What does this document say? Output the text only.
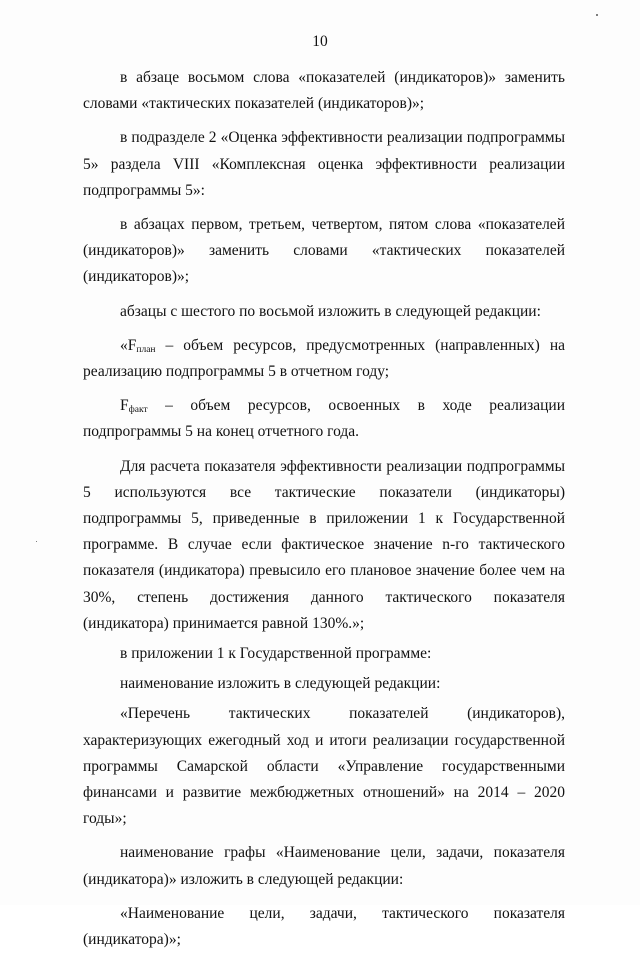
10

в абзаце восьмом слова «показателей (индикаторов)» заменить словами «тактических показателей (индикаторов)»;

в подразделе 2 «Оценка эффективности реализации подпрограммы 5» раздела VIII «Комплексная оценка эффективности реализации подпрограммы 5»:

в абзацах первом, третьем, четвертом, пятом слова «показателей (индикаторов)» заменить словами «тактических показателей (индикаторов)»;

абзацы с шестого по восьмой изложить в следующей редакции:

«$F_{план}$ – объем ресурсов, предусмотренных (направленных) на реализацию подпрограммы 5 в отчетном году;

$F_{факт}$ – объем ресурсов, освоенных в ходе реализации подпрограммы 5 на конец отчетного года.

Для расчета показателя эффективности реализации подпрограммы 5 используются все тактические показатели (индикаторы) подпрограммы 5, приведенные в приложении 1 к Государственной программе. В случае если фактическое значение n-го тактического показателя (индикатора) превысило его плановое значение более чем на 30%, степень достижения данного тактического показателя (индикатора) принимается равной 130%.»;

в приложении 1 к Государственной программе:

наименование изложить в следующей редакции:

«Перечень тактических показателей (индикаторов), характеризующих ежегодный ход и итоги реализации государственной программы Самарской области «Управление государственными финансами и развитие межбюджетных отношений» на 2014 – 2020 годы»;

наименование графы «Наименование цели, задачи, показателя (индикатора)» изложить в следующей редакции:

«Наименование цели, задачи, тактического показателя (индикатора)»;
